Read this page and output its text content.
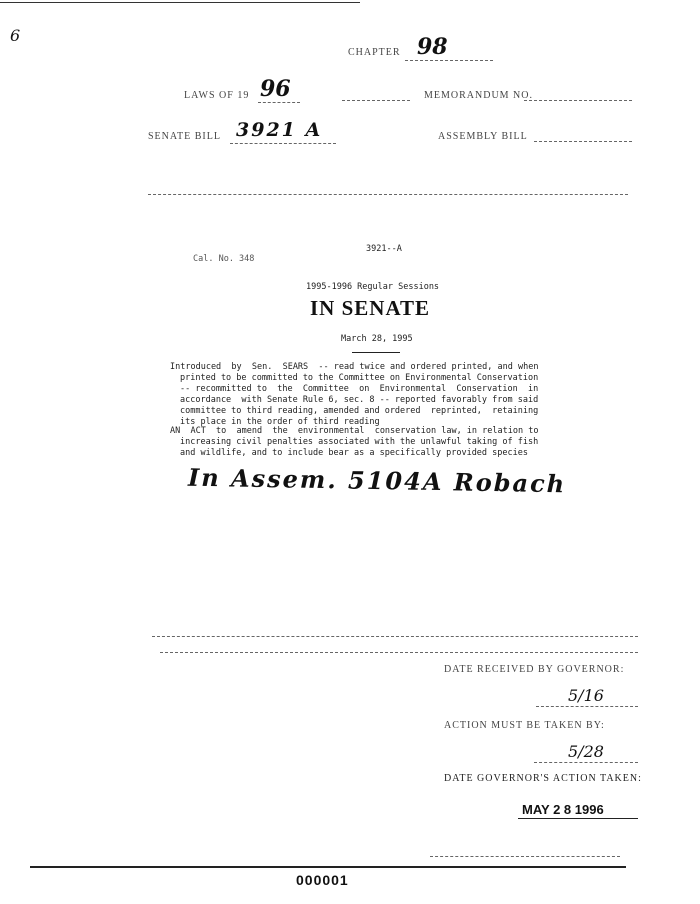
6
CHAPTER 98
LAWS OF 19 96	MEMORANDUM NO.
SENATE BILL 3921 A	ASSEMBLY BILL
3921--A
Cal. No. 348
1995-1996 Regular Sessions
IN SENATE
March 28, 1995
Introduced  by  Sen.  SEARS  -- read twice and ordered printed, and when
printed to be committed to the Committee on Environmental Conservation
-- recommitted to  the  Committee  on  Environmental  Conservation  in
accordance  with Senate Rule 6, sec. 8 -- reported favorably from said
committee to third reading, amended and ordered  reprinted,  retaining
its place in the order of third reading
AN  ACT  to  amend  the  environmental  conservation law, in relation to
increasing civil penalties associated with the unlawful taking of fish
and wildlife, and to include bear as a specifically provided species
In Assem. 5104A Robach
DATE RECEIVED BY GOVERNOR:
5/16
ACTION MUST BE TAKEN BY:
5/28
DATE GOVERNOR'S ACTION TAKEN:
MAY 2 8 1996
000001
